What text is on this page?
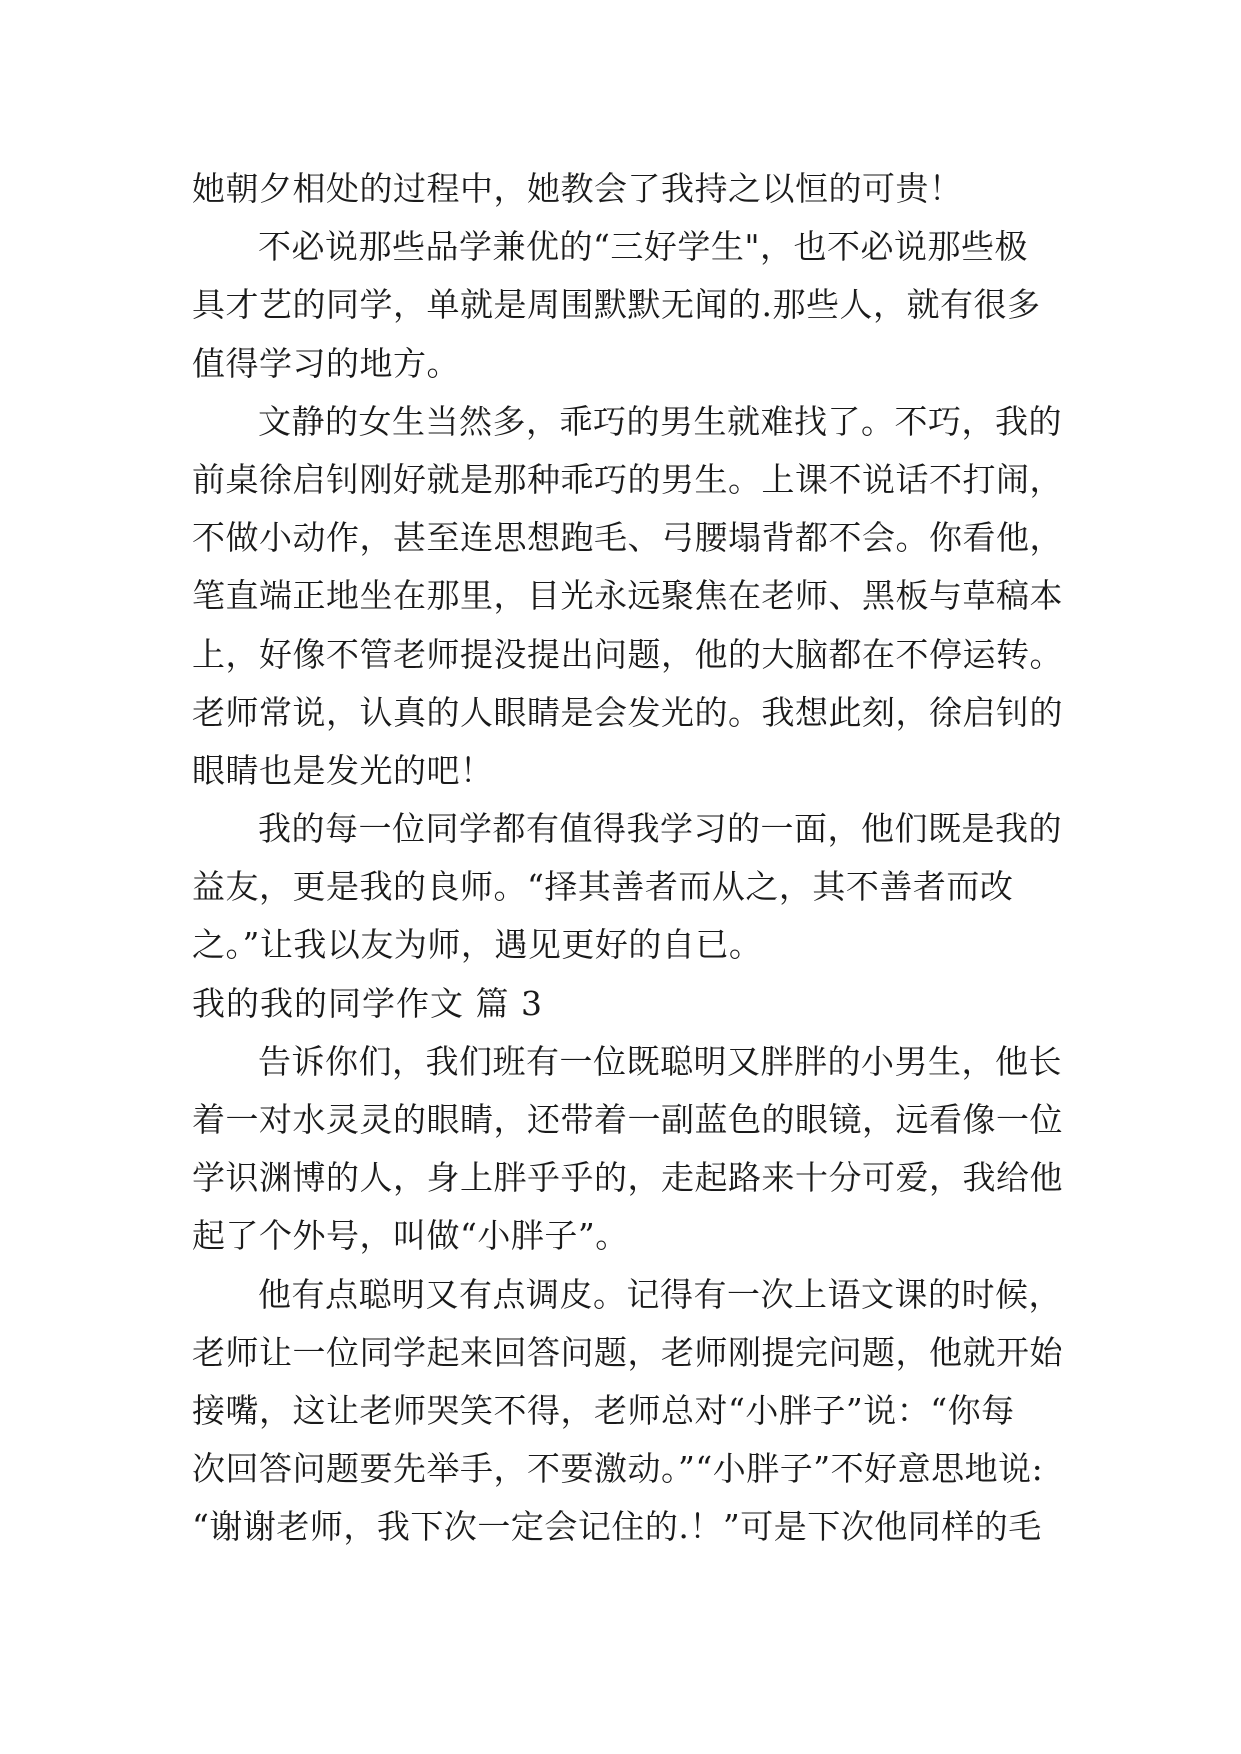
她朝夕相处的过程中，她教会了我持之以恒的可贵！
不必说那些品学兼优的“三好学生"，也不必说那些极
具才艺的同学，单就是周围默默无闻的.那些人，就有很多
值得学习的地方。
文静的女生当然多，乖巧的男生就难找了。不巧，我的
前桌徐启钊刚好就是那种乖巧的男生。上课不说话不打闹，
不做小动作，甚至连思想跑毛、弓腰塌背都不会。你看他，
笔直端正地坐在那里，目光永远聚焦在老师、黑板与草稿本
上，好像不管老师提没提出问题，他的大脑都在不停运转。
老师常说，认真的人眼睛是会发光的。我想此刻，徐启钊的
眼睛也是发光的吧！
我的每一位同学都有值得我学习的一面，他们既是我的
益友，更是我的良师。“择其善者而从之，其不善者而改
之。”让我以友为师，遇见更好的自已。
我的我的同学作文 篇 3
告诉你们，我们班有一位既聪明又胖胖的小男生，他长
着一对水灵灵的眼睛，还带着一副蓝色的眼镜，远看像一位
学识渊博的人，身上胖乎乎的，走起路来十分可爱，我给他
起了个外号，叫做“小胖子”。
他有点聪明又有点调皮。记得有一次上语文课的时候，
老师让一位同学起来回答问题，老师刚提完问题，他就开始
接嘴，这让老师哭笑不得，老师总对“小胖子”说：“你每
次回答问题要先举手，不要激动。”“小胖子”不好意思地说:
“谢谢老师，我下次一定会记住的.！”可是下次他同样的毛
